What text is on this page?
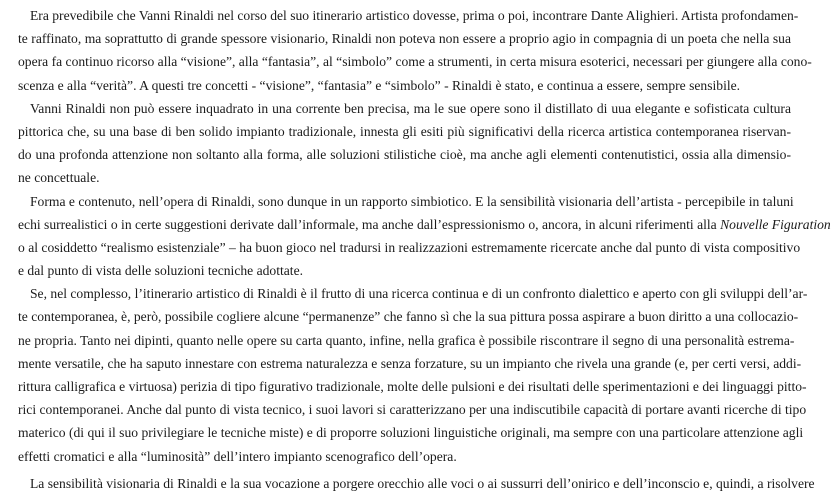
Era prevedibile che Vanni Rinaldi nel corso del suo itinerario artistico dovesse, prima o poi, incontrare Dante Alighieri. Artista profondamen-
te raffinato, ma soprattutto di grande spessore visionario, Rinaldi non poteva non essere a proprio agio in compagnia di un poeta che nella sua
opera fa continuo ricorso alla “visione”, alla “fantasia”, al “simbolo” come a strumenti, in certa misura esoterici, necessari per giungere alla cono-
scenza e alla “verità”. A questi tre concetti - “visione”, “fantasia” e “simbolo” - Rinaldi è stato, e continua a essere, sempre sensibile.
Vanni Rinaldi non può essere inquadrato in una corrente ben precisa, ma le sue opere sono il distillato di uua elegante e sofisticata cultura
pittorica che, su una base di ben solido impianto tradizionale, innesta gli esiti più significativi della ricerca artistica contemporanea riservan-
do una profonda attenzione non soltanto alla forma, alle soluzioni stilistiche cioè, ma anche agli elementi contenutistici, ossia alla dimensio-
ne concettuale.
Forma e contenuto, nell’opera di Rinaldi, sono dunque in un rapporto simbiotico. E la sensibilità visionaria dell’artista - percepibile in taluni
echi surrealistici o in certe suggestioni derivate dall’informale, ma anche dall’espressionismo o, ancora, in alcuni riferimenti alla Nouvelle Figuration
o al cosiddetto “realismo esistenziale” – ha buon gioco nel tradursi in realizzazioni estremamente ricercate anche dal punto di vista compositivo
e dal punto di vista delle soluzioni tecniche adottate.
Se, nel complesso, l’itinerario artistico di Rinaldi è il frutto di una ricerca continua e di un confronto dialettico e aperto con gli sviluppi dell’ar-
te contemporanea, è, però, possibile cogliere alcune “permanenze” che fanno sì che la sua pittura possa aspirare a buon diritto a una collocazio-
ne propria. Tanto nei dipinti, quanto nelle opere su carta quanto, infine, nella grafica è possibile riscontrare il segno di una personalità estrema-
mente versatile, che ha saputo innestare con estrema naturalezza e senza forzature, su un impianto che rivela una grande (e, per certi versi, addi-
rittura calligrafica e virtuosa) perizia di tipo figurativo tradizionale, molte delle pulsioni e dei risultati delle sperimentazioni e dei linguaggi pitto-
rici contemporanei. Anche dal punto di vista tecnico, i suoi lavori si caratterizzano per una indiscutibile capacità di portare avanti ricerche di tipo
materico (di qui il suo privilegiare le tecniche miste) e di proporre soluzioni linguistiche originali, ma sempre con una particolare attenzione agli
effetti cromatici e alla “luminosità” dell’intero impianto scenografico dell’opera.
La sensibilità visionaria di Rinaldi e la sua vocazione a porgere orecchio alle voci o ai sussurri dell’onirico e dell’inconscio e, quindi, a risolvere
